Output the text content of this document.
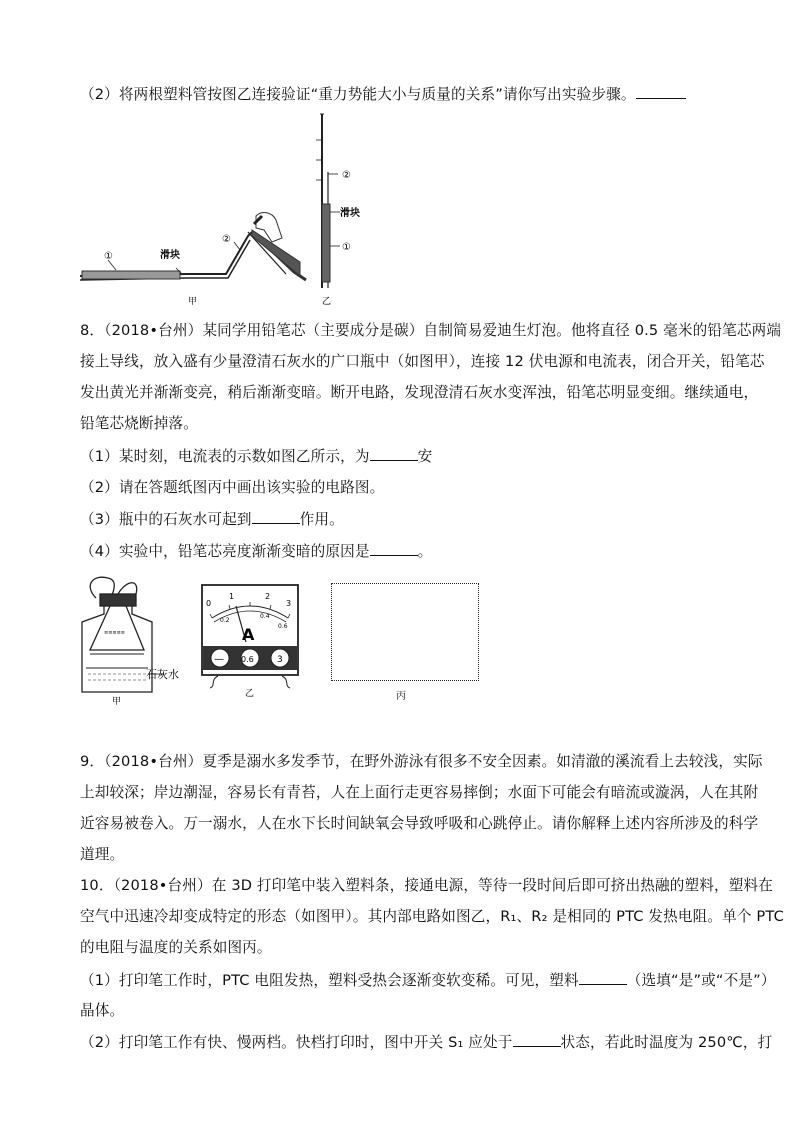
（2）将两根塑料管按图乙连接验证“重力势能大小与质量的关系”请你写出实验步骤。
①	滑块
②
甲
②
滑块
①
乙
8．（2018•台州）某同学用铅笔芯（主要成分是碳）自制简易爱迪生灯泡。他将直径 0.5 毫米的铅笔芯两端
接上导线，放入盛有少量澄清石灰水的广口瓶中（如图甲），连接 12 伏电源和电流表，闭合开关，铅笔芯
发出黄光并渐渐变亮，稍后渐渐变暗。断开电路，发现澄清石灰水变浑浊，铅笔芯明显变细。继续通电，
铅笔芯烧断掉落。
（1）某时刻，电流表的示数如图乙所示，为	安
（2）请在答题纸图丙中画出该实验的电路图。
（3）瓶中的石灰水可起到	作用。
（4）实验中，铅笔芯亮度渐渐变暗的原因是	。
≡≡≡≡≡
石灰水
甲
0
1	2
3
0.2
0.4
0.6
A
— 0.6	3
乙	丙
9．（2018•台州）夏季是溺水多发季节，在野外游泳有很多不安全因素。如清澈的溪流看上去较浅，实际
上却较深；岸边潮湿，容易长有青苔，人在上面行走更容易摔倒；水面下可能会有暗流或漩涡，人在其附
近容易被卷入。万一溺水，人在水下长时间缺氧会导致呼吸和心跳停止。请你解释上述内容所涉及的科学
道理。
10．（2018•台州）在 3D 打印笔中装入塑料条，接通电源，等待一段时间后即可挤出热融的塑料，塑料在
空气中迅速冷却变成特定的形态（如图甲）。其内部电路如图乙，R₁、R₂ 是相同的 PTC 发热电阻。单个 PTC
的电阻与温度的关系如图丙。
（1）打印笔工作时，PTC 电阻发热，塑料受热会逐渐变软变稀。可见，塑料	（选填“是”或“不是”）
晶体。
（2）打印笔工作有快、慢两档。快档打印时，图中开关 S₁ 应处于	状态，若此时温度为 250℃，打
